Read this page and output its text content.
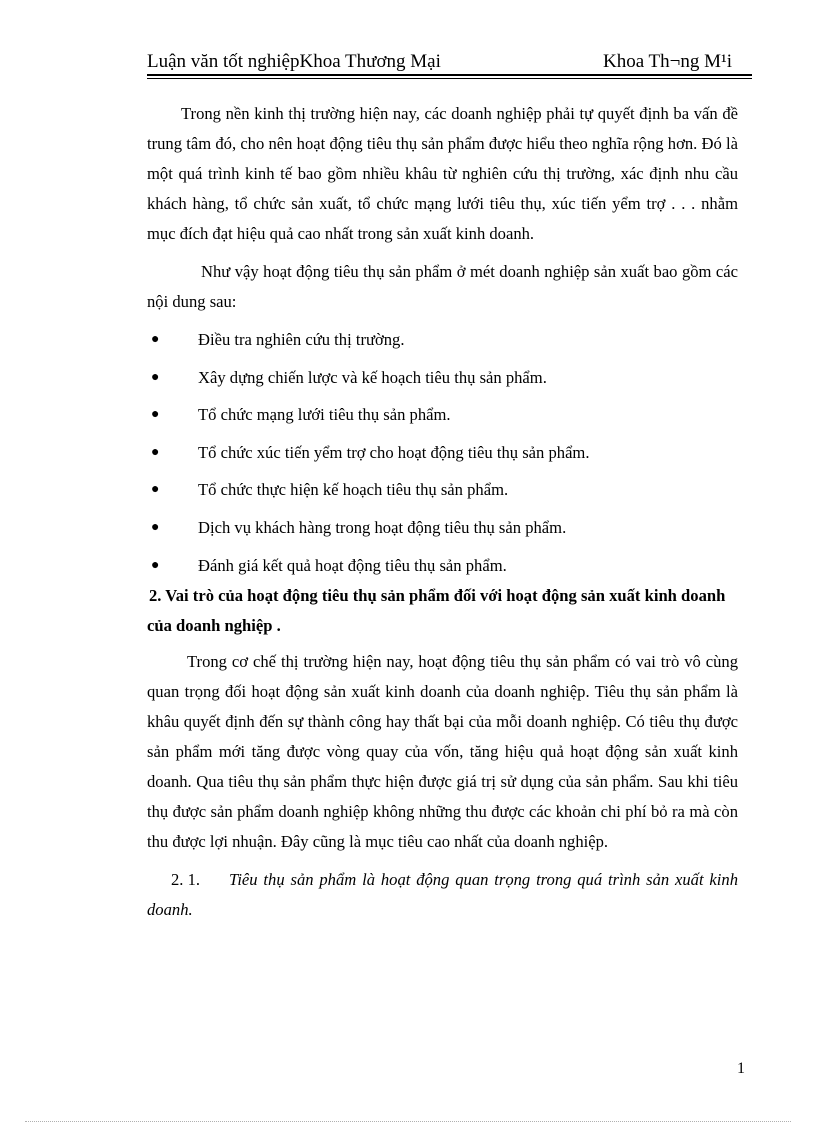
Luận văn tốt nghiệpKhoa Thương Mại	Khoa Th¬ng M¹i

Trong nền kinh thị trường hiện nay, các doanh nghiệp phải tự quyết định ba vấn đề trung tâm đó, cho nên hoạt động tiêu thụ sản phẩm được hiểu theo nghĩa rộng hơn. Đó là một quá trình kinh tế bao gồm nhiều khâu từ nghiên cứu thị trường, xác định nhu cầu khách hàng, tổ chức sản xuất, tổ chức mạng lưới tiêu thụ, xúc tiến yểm trợ . . . nhằm mục đích đạt hiệu quả cao nhất trong sản xuất kinh doanh.

Như vậy hoạt động tiêu thụ sản phẩm ở mét doanh nghiệp sản xuất bao gồm các nội dung sau:

● Điều tra nghiên cứu thị trường.
● Xây dựng chiến lược và kế hoạch tiêu thụ sản phẩm.
● Tổ chức mạng lưới tiêu thụ sản phẩm.
● Tổ chức xúc tiến yểm trợ cho hoạt động tiêu thụ sản phẩm.
● Tổ chức thực hiện kế hoạch tiêu thụ sản phẩm.
● Dịch vụ khách hàng trong hoạt động tiêu thụ sản phẩm.
● Đánh giá kết quả hoạt động tiêu thụ sản phẩm.

2. Vai trò của hoạt động tiêu thụ sản phẩm đối với hoạt động sản xuất kinh doanh của doanh nghiệp .

Trong cơ chế thị trường hiện nay, hoạt động tiêu thụ sản phẩm có vai trò vô cùng quan trọng đối hoạt động sản xuất kinh doanh của doanh nghiệp. Tiêu thụ sản phẩm là khâu quyết định đến sự thành công hay thất bại của mỗi doanh nghiệp. Có tiêu thụ được sản phẩm mới tăng được vòng quay của vốn, tăng hiệu quả hoạt động sản xuất kinh doanh. Qua tiêu thụ sản phẩm thực hiện được giá trị sử dụng của sản phẩm. Sau khi tiêu thụ được sản phẩm doanh nghiệp không những thu được các khoản chi phí bỏ ra mà còn thu được lợi nhuận. Đây cũng là mục tiêu cao nhất của doanh nghiệp.

2. 1. Tiêu thụ sản phẩm là hoạt động quan trọng trong quá trình sản xuất kinh doanh.

1
